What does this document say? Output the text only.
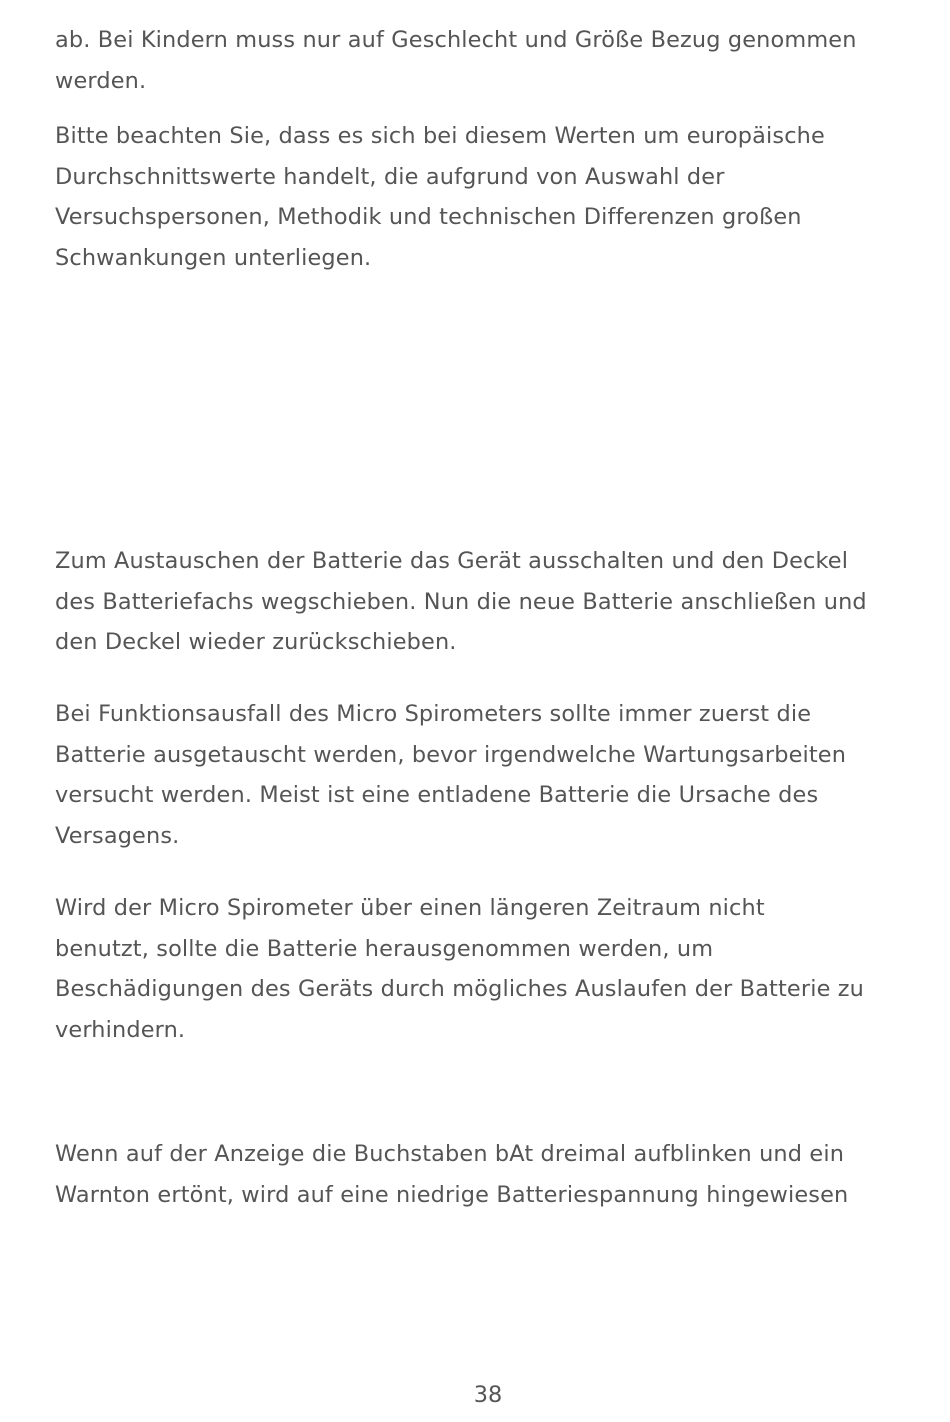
ab. Bei Kindern muss nur auf Geschlecht und Größe Bezug genommen
werden.

Bitte beachten Sie, dass es sich bei diesem Werten um europäische
Durchschnittswerte handelt, die aufgrund von Auswahl der
Versuchspersonen, Methodik und technischen Differenzen großen
Schwankungen unterliegen.

Zum Austauschen der Batterie das Gerät ausschalten und den Deckel
des Batteriefachs wegschieben. Nun die neue Batterie anschließen und
den Deckel wieder zurückschieben.

Bei Funktionsausfall des Micro Spirometers sollte immer zuerst die
Batterie ausgetauscht werden, bevor irgendwelche Wartungsarbeiten
versucht werden. Meist ist eine entladene Batterie die Ursache des
Versagens.

Wird der Micro Spirometer über einen längeren Zeitraum nicht
benutzt, sollte die Batterie herausgenommen werden, um
Beschädigungen des Geräts durch mögliches Auslaufen der Batterie zu
verhindern.

Wenn auf der Anzeige die Buchstaben bAt dreimal aufblinken und ein
Warnton ertönt, wird auf eine niedrige Batteriespannung hingewiesen

38
